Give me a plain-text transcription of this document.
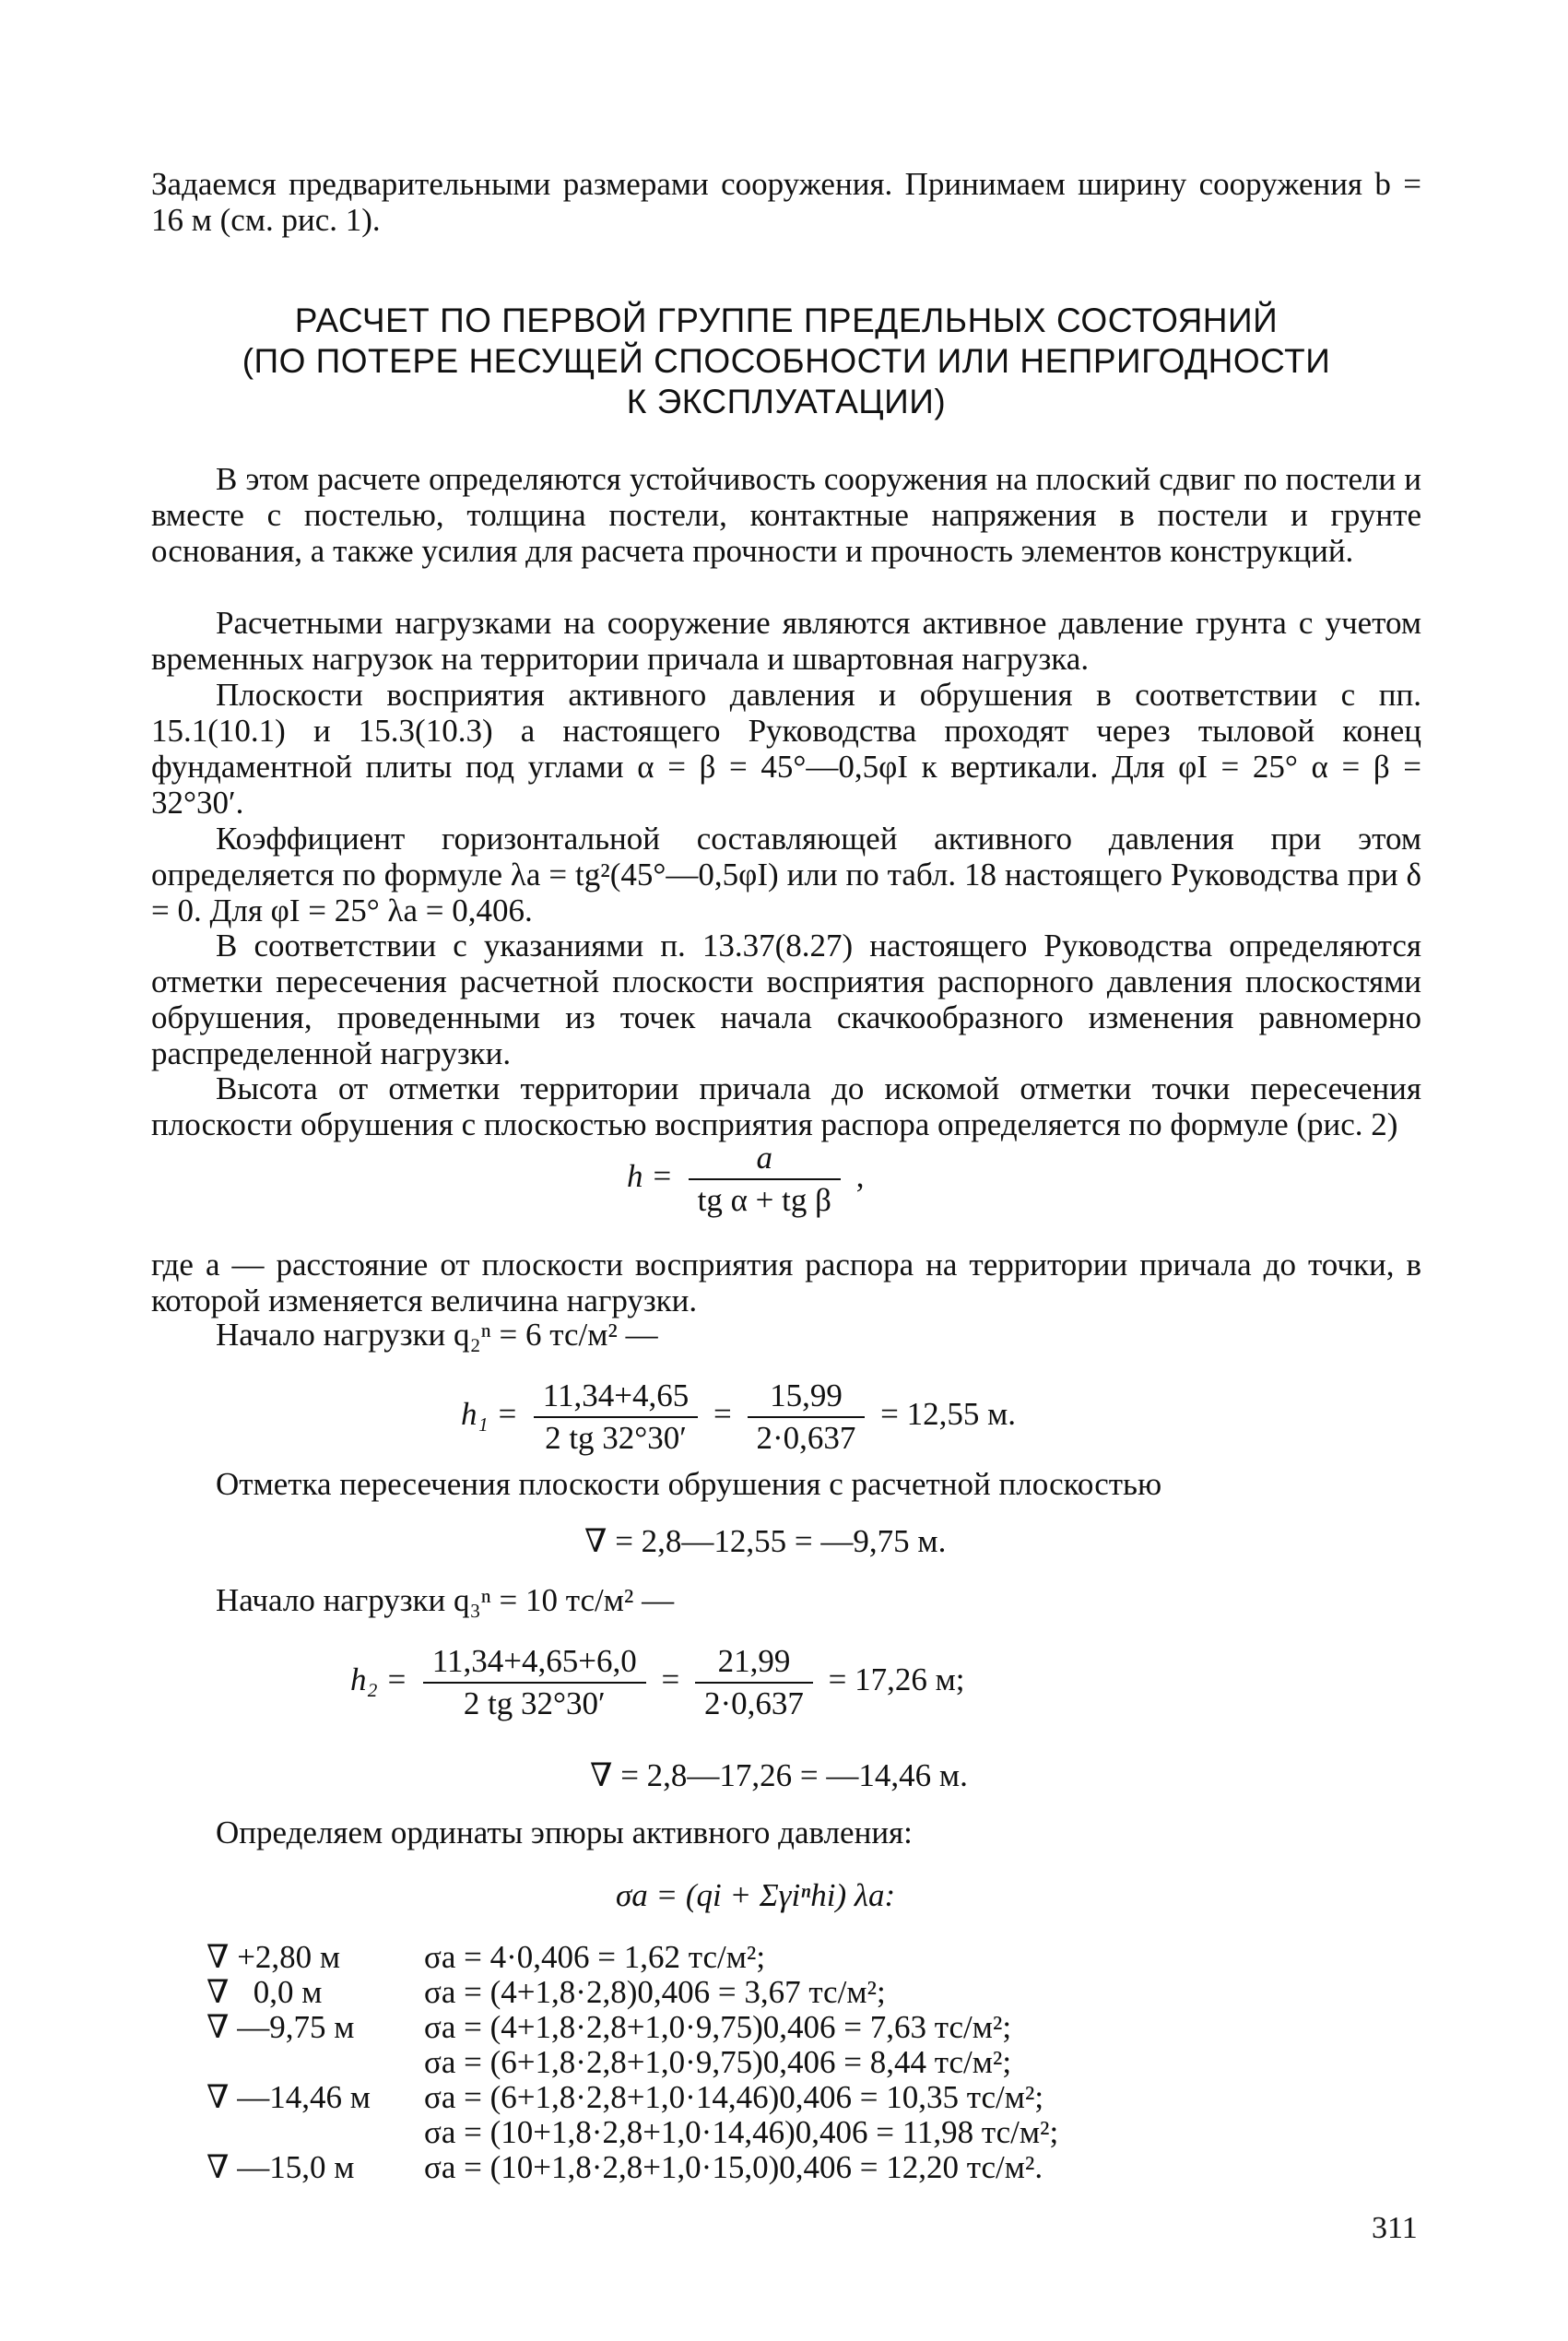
Задаемся предварительными размерами сооружения. Принимаем ширину сооружения b = 16 м (см. рис. 1).

РАСЧЕТ ПО ПЕРВОЙ ГРУППЕ ПРЕДЕЛЬНЫХ СОСТОЯНИЙ
(ПО ПОТЕРЕ НЕСУЩЕЙ СПОСОБНОСТИ ИЛИ НЕПРИГОДНОСТИ
К ЭКСПЛУАТАЦИИ)

В этом расчете определяются устойчивость сооружения на плоский сдвиг по постели и вместе с постелью, толщина постели, контактные напряжения в постели и грунте основания, а также усилия для расчета прочности и прочность элементов конструкций.

Расчетными нагрузками на сооружение являются активное давление грунта с учетом временных нагрузок на территории причала и швартовная нагрузка.

Плоскости восприятия активного давления и обрушения в соответствии с пп. 15.1(10.1) и 15.3(10.3) а настоящего Руководства проходят через тыловой конец фундаментной плиты под углами α = β = 45°—0,5φI к вертикали. Для φI = 25° α = β = 32°30′.

Коэффициент горизонтальной составляющей активного давления при этом определяется по формуле λa = tg²(45°—0,5φI) или по табл. 18 настоящего Руководства при δ = 0. Для φI = 25° λa = 0,406.

В соответствии с указаниями п. 13.37(8.27) настоящего Руководства определяются отметки пересечения расчетной плоскости восприятия распорного давления плоскостями обрушения, проведенными из точек начала скачкообразного изменения равномерно распределенной нагрузки.

Высота от отметки территории причала до искомой отметки точки пересечения плоскости обрушения с плоскостью восприятия распора определяется по формуле (рис. 2)

$h = \frac{a}{\text{tg α + tg β}}$ ,

где a — расстояние от плоскости восприятия распора на территории причала до точки, в которой изменяется величина нагрузки.

Начало нагрузки q₂ⁿ = 6 тс/м² —

$h_1 = \frac{11,34+4,65}{2 tg 32^\circ 30'} = \frac{15,99}{2\cdot 0,637} = 12,55$ м.

Отметка пересечения плоскости обрушения с расчетной плоскостью

∇ = 2,8—12,55 = —9,75 м.

Начало нагрузки q₃ⁿ = 10 тс/м² —

$h_2 = \frac{11,34+4,65+6,0}{2 tg 32^\circ 30'} = \frac{21,99}{2\cdot 0,637} = 17,26$ м;
∇ = 2,8—17,26 = —14,46 м.

Определяем ординаты эпюры активного давления:

σa = (qi + Σγiⁿhi) λa:
∇ +2,80 м	σa = 4·0,406 = 1,62 тс/м²;
∇   0,0 м	σa = (4+1,8·2,8)0,406 = 3,67 тс/м²;
∇ —9,75 м σa = (4+1,8·2,8+1,0·9,75)0,406 = 7,63 тс/м²;
σa = (6+1,8·2,8+1,0·9,75)0,406 = 8,44 тс/м²;
∇ —14,46 м σa = (6+1,8·2,8+1,0·14,46)0,406 = 10,35 тс/м²;
σa = (10+1,8·2,8+1,0·14,46)0,406 = 11,98 тс/м²;
∇ —15,0 м σa = (10+1,8·2,8+1,0·15,0)0,406 = 12,20 тс/м².
311
